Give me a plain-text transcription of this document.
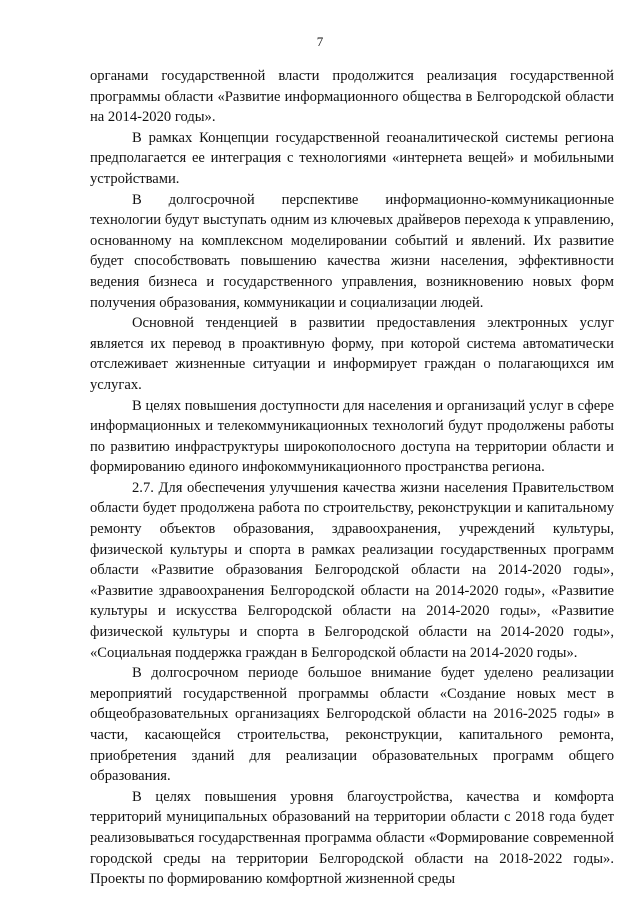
7

органами государственной власти продолжится реализация государственной программы области «Развитие информационного общества в Белгородской области на 2014-2020 годы».

В рамках Концепции государственной геоаналитической системы региона предполагается ее интеграция с технологиями «интернета вещей» и мобильными устройствами.

В долгосрочной перспективе информационно-коммуникационные технологии будут выступать одним из ключевых драйверов перехода к управлению, основанному на комплексном моделировании событий и явлений. Их развитие будет способствовать повышению качества жизни населения, эффективности ведения бизнеса и государственного управления, возникновению новых форм получения образования, коммуникации и социализации людей.

Основной тенденцией в развитии предоставления электронных услуг является их перевод в проактивную форму, при которой система автоматически отслеживает жизненные ситуации и информирует граждан о полагающихся им услугах.

В целях повышения доступности для населения и организаций услуг в сфере информационных и телекоммуникационных технологий будут продолжены работы по развитию инфраструктуры широкополосного доступа на территории области и формированию единого инфокоммуникационного пространства региона.

2.7. Для обеспечения улучшения качества жизни населения Правительством области будет продолжена работа по строительству, реконструкции и капитальному ремонту объектов образования, здравоохранения, учреждений культуры, физической культуры и спорта в рамках реализации государственных программ области «Развитие образования Белгородской области на 2014-2020 годы», «Развитие здравоохранения Белгородской области на 2014-2020 годы», «Развитие культуры и искусства Белгородской области на 2014-2020 годы», «Развитие физической культуры и спорта в Белгородской области на 2014-2020 годы», «Социальная поддержка граждан в Белгородской области на 2014-2020 годы».

В долгосрочном периоде большое внимание будет уделено реализации мероприятий государственной программы области «Создание новых мест в общеобразовательных организациях Белгородской области на 2016-2025 годы» в части, касающейся строительства, реконструкции, капитального ремонта, приобретения зданий для реализации образовательных программ общего образования.

В целях повышения уровня благоустройства, качества и комфорта территорий муниципальных образований на территории области с 2018 года будет реализовываться государственная программа области «Формирование современной городской среды на территории Белгородской области на 2018-2022 годы». Проекты по формированию комфортной жизненной среды
